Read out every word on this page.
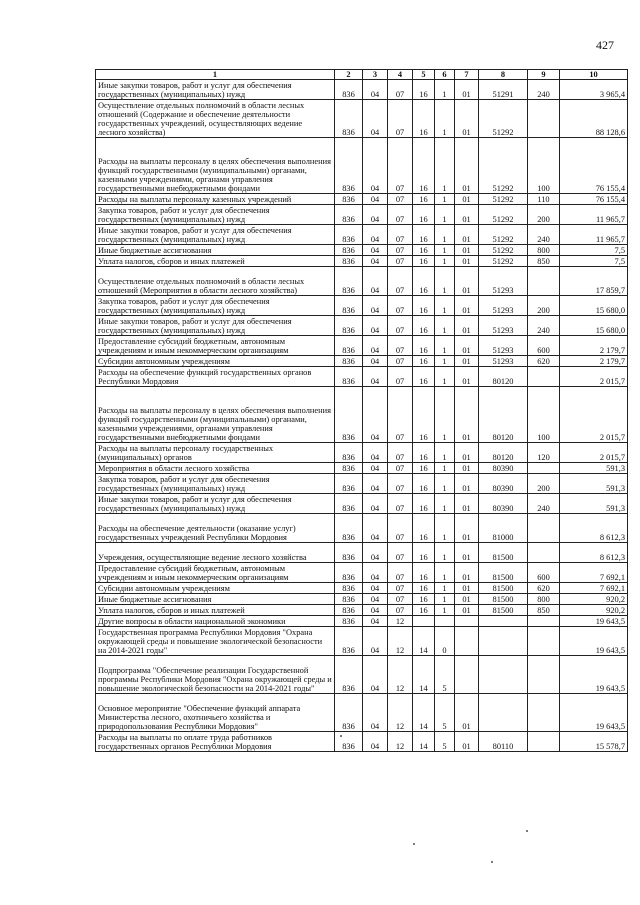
427
1	2	3	4	5	6	7	8	9	10
Иные закупки товаров, работ и услуг для обеспечения государственных (муниципальных) нужд	836	04	07	16	1	01	51291	240	3 965,4
Осуществление отдельных полномочий в области лесных отношений (Содержание и обеспечение деятельности государственных учреждений, осуществляющих ведение лесного хозяйства)	836	04	07	16	1	01	51292		88 128,6
Расходы на выплаты персоналу в целях обеспечения выполнения функций государственными (муниципальными) органами, казенными учреждениями, органами управления государственными внебюджетными фондами	836	04	07	16	1	01	51292	100	76 155,4
Расходы на выплаты персоналу казенных учреждений	836	04	07	16	1	01	51292	110	76 155,4
Закупка товаров, работ и услуг для обеспечения государственных (муниципальных) нужд	836	04	07	16	1	01	51292	200	11 965,7
Иные закупки товаров, работ и услуг для обеспечения государственных (муниципальных) нужд	836	04	07	16	1	01	51292	240	11 965,7
Иные бюджетные ассигнования	836	04	07	16	1	01	51292	800	7,5
Уплата налогов, сборов и иных платежей	836	04	07	16	1	01	51292	850	7,5
Осуществление отдельных полномочий в области лесных отношений (Мероприятия в области лесного хозяйства)	836	04	07	16	1	01	51293		17 859,7
Закупка товаров, работ и услуг для обеспечения государственных (муниципальных) нужд	836	04	07	16	1	01	51293	200	15 680,0
Иные закупки товаров, работ и услуг для обеспечения государственных (муниципальных) нужд	836	04	07	16	1	01	51293	240	15 680,0
Предоставление субсидий бюджетным, автономным учреждениям и иным некоммерческим организациям	836	04	07	16	1	01	51293	600	2 179,7
Субсидии автономным учреждениям	836	04	07	16	1	01	51293	620	2 179,7
Расходы на обеспечение функций государственных органов Республики Мордовия	836	04	07	16	1	01	80120		2 015,7
Расходы на выплаты персоналу в целях обеспечения выполнения функций государственными (муниципальными) органами, казенными учреждениями, органами управления государственными внебюджетными фондами	836	04	07	16	1	01	80120	100	2 015,7
Расходы на выплаты персоналу государственных (муниципальных) органов	836	04	07	16	1	01	80120	120	2 015,7
Мероприятия в области лесного хозяйства	836	04	07	16	1	01	80390		591,3
Закупка товаров, работ и услуг для обеспечения государственных (муниципальных) нужд	836	04	07	16	1	01	80390	200	591,3
Иные закупки товаров, работ и услуг для обеспечения государственных (муниципальных) нужд	836	04	07	16	1	01	80390	240	591,3
Расходы на обеспечение деятельности (оказание услуг) государственных учреждений Республики Мордовия	836	04	07	16	1	01	81000		8 612,3
Учреждения, осуществляющие ведение лесного хозяйства	836	04	07	16	1	01	81500		8 612,3
Предоставление субсидий бюджетным, автономным учреждениям и иным некоммерческим организациям	836	04	07	16	1	01	81500	600	7 692,1
Субсидии автономным учреждениям	836	04	07	16	1	01	81500	620	7 692,1
Иные бюджетные ассигнования	836	04	07	16	1	01	81500	800	920,2
Уплата налогов, сборов и иных платежей	836	04	07	16	1	01	81500	850	920,2
Другие вопросы в области национальной экономики	836	04	12						19 643,5
Государственная программа Республики Мордовия "Охрана окружающей среды и повышение экологической безопасности на 2014-2021 годы"	836	04	12	14	0				19 643,5
Подпрограмма "Обеспечение реализации Государственной программы Республики Мордовия "Охрана окружающей среды и повышение экологической безопасности на 2014-2021 годы"	836	04	12	14	5				19 643,5
Основное мероприятие "Обеспечение функций аппарата Министерства лесного, охотничьего хозяйства и природопользования Республики Мордовия"	836	04	12	14	5	01			19 643,5
Расходы на выплаты по оплате труда работников государственных органов Республики Мордовия	836	04	12	14	5	01	80110		15 578,7
